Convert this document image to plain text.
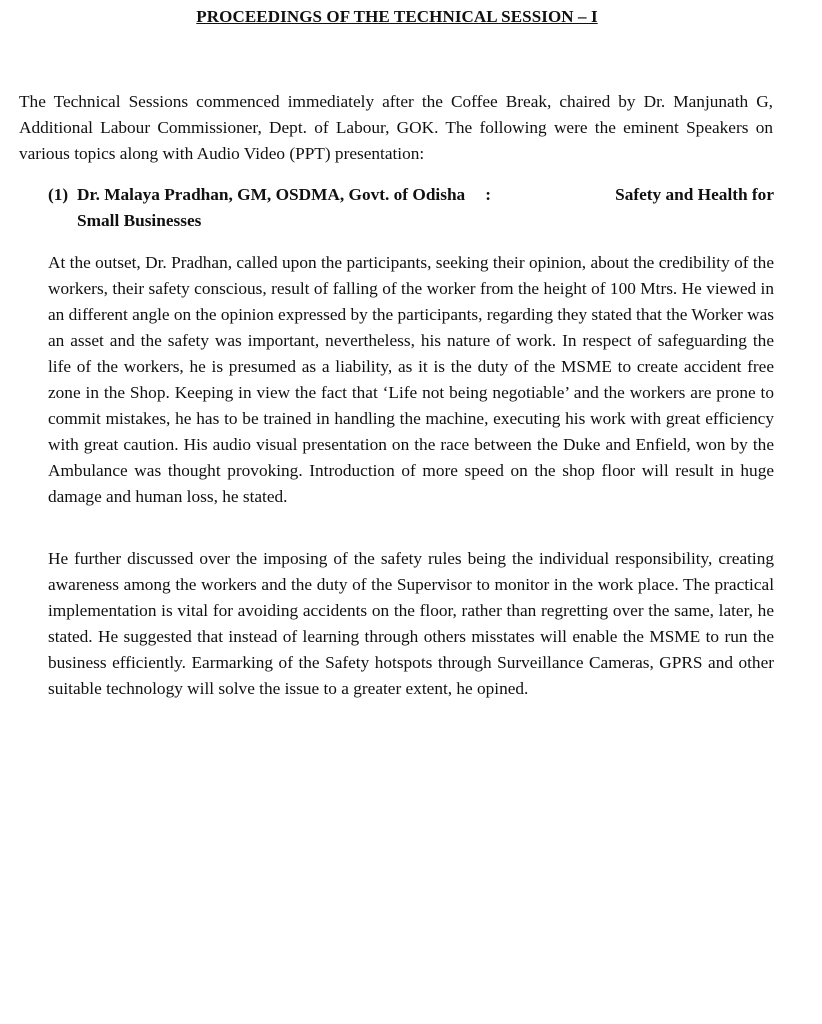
PROCEEDINGS OF THE TECHNICAL SESSION – I

The Technical Sessions commenced immediately after the Coffee Break, chaired by Dr. Manjunath G, Additional Labour Commissioner, Dept. of Labour, GOK. The following were the eminent Speakers on various topics along with Audio Video (PPT) presentation:

(1) Dr. Malaya Pradhan, GM, OSDMA, Govt. of Odisha :	Safety and Health for
Small Businesses

At the outset, Dr. Pradhan, called upon the participants, seeking their opinion, about the credibility of the workers, their safety conscious, result of falling of the worker from the height of 100 Mtrs. He viewed in an different angle on the opinion expressed by the participants, regarding they stated that the Worker was an asset and the safety was important, nevertheless, his nature of work. In respect of safeguarding the life of the workers, he is presumed as a liability, as it is the duty of the MSME to create accident free zone in the Shop. Keeping in view the fact that ‘Life not being negotiable’ and the workers are prone to commit mistakes, he has to be trained in handling the machine, executing his work with great efficiency with great caution. His audio visual presentation on the race between the Duke and Enfield, won by the Ambulance was thought provoking. Introduction of more speed on the shop floor will result in huge damage and human loss, he stated.

He further discussed over the imposing of the safety rules being the individual responsibility, creating awareness among the workers and the duty of the Supervisor to monitor in the work place. The practical implementation is vital for avoiding accidents on the floor, rather than regretting over the same, later, he stated. He suggested that instead of learning through others misstates will enable the MSME to run the business efficiently. Earmarking of the Safety hotspots through Surveillance Cameras, GPRS and other suitable technology will solve the issue to a greater extent, he opined.
